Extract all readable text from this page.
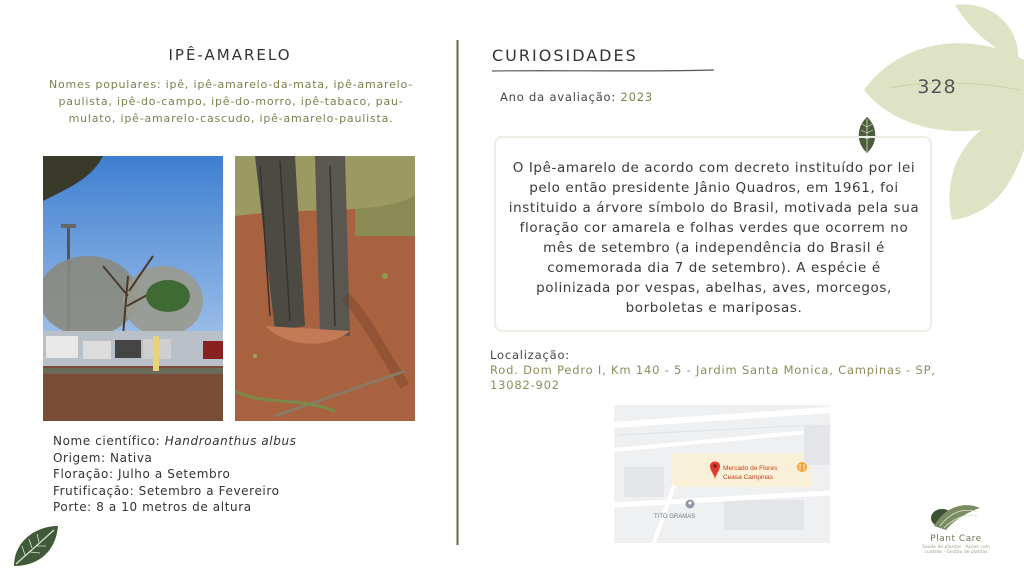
328
IPÊ-AMARELO
Nomes populares: ipê, ipê-amarelo-da-mata, ipê-amarelo-paulista, ipê-do-campo, ipê-do-morro, ipê-tabaco, pau-mulato, ipê-amarelo-cascudo, ipê-amarelo-paulista.
Nome científico: Handroanthus albus
Origem: Nativa
Floração: Julho a Setembro
Frutificação: Setembro a Fevereiro
Porte: 8 a 10 metros de altura
CURIOSIDADES
Ano da avaliação: 2023
O Ipê-amarelo de acordo com decreto instituído por lei pelo então presidente Jânio Quadros, em 1961, foi instituido a árvore símbolo do Brasil, motivada pela sua floração cor amarela e folhas verdes que ocorrem no mês de setembro (a independência do Brasil é comemorada dia 7 de setembro). A espécie é polinizada por vespas, abelhas, aves, morcegos, borboletas e mariposas.
Localização:
Rod. Dom Pedro I, Km 140 - 5 - Jardim Santa Monica, Campinas - SP, 13082-902
Mercado de Flores
Ceasa Campinas
TITO GRAMAS
Plant Care
Saúde de plantas · Ações com cuidado · Gestão de plantas
